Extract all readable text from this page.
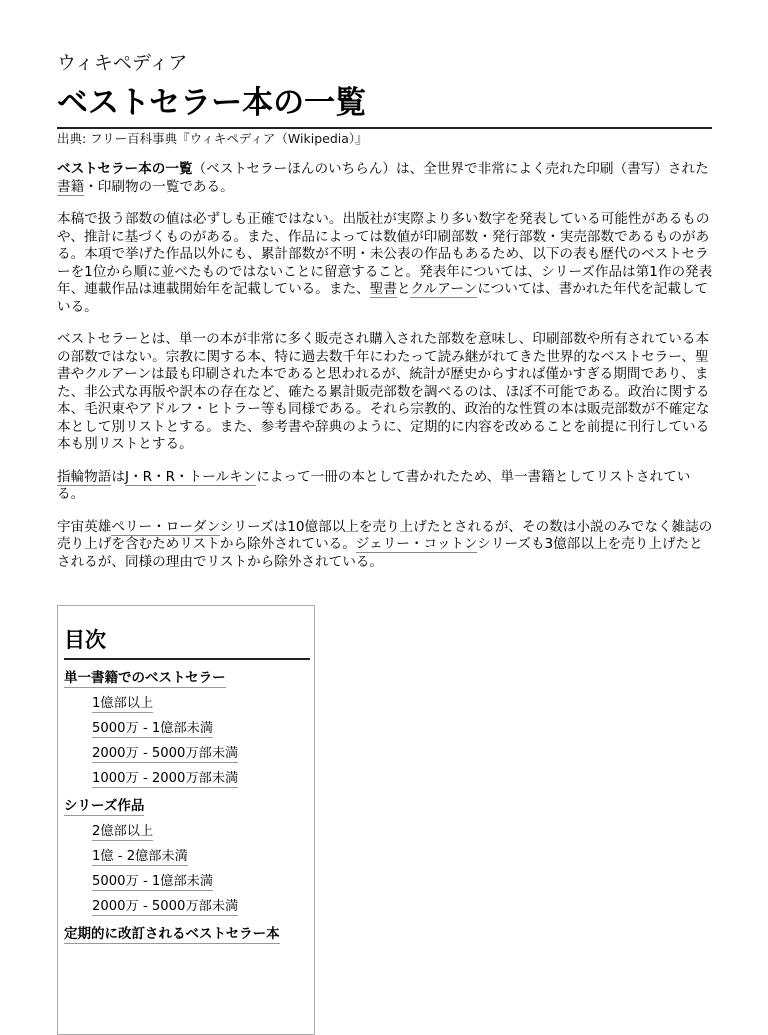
ウィキペディア
ベストセラー本の一覧
出典: フリー百科事典『ウィキペディア（Wikipedia）』

ベストセラー本の一覧（ベストセラーほんのいちらん）は、全世界で非常によく売れた印刷（書写）された書籍・印刷物の一覧である。

本稿で扱う部数の値は必ずしも正確ではない。出版社が実際より多い数字を発表している可能性があるものや、推計に基づくものがある。また、作品によっては数値が印刷部数・発行部数・実売部数であるものがある。本項で挙げた作品以外にも、累計部数が不明・未公表の作品もあるため、以下の表も歴代のベストセラーを1位から順に並べたものではないことに留意すること。発表年については、シリーズ作品は第1作の発表年、連載作品は連載開始年を記載している。また、聖書とクルアーンについては、書かれた年代を記載している。

ベストセラーとは、単一の本が非常に多く販売され購入された部数を意味し、印刷部数や所有されている本の部数ではない。宗教に関する本、特に過去数千年にわたって読み継がれてきた世界的なベストセラー、聖書やクルアーンは最も印刷された本であると思われるが、統計が歴史からすれば僅かすぎる期間であり、また、非公式な再版や訳本の存在など、確たる累計販売部数を調べるのは、ほぼ不可能である。政治に関する本、毛沢東やアドルフ・ヒトラー等も同様である。それら宗教的、政治的な性質の本は販売部数が不確定な本として別リストとする。また、参考書や辞典のように、定期的に内容を改めることを前提に刊行している本も別リストとする。

指輪物語はJ・R・R・トールキンによって一冊の本として書かれたため、単一書籍としてリストされている。

宇宙英雄ペリー・ローダンシリーズは10億部以上を売り上げたとされるが、その数は小説のみでなく雑誌の売り上げを含むためリストから除外されている。ジェリー・コットンシリーズも3億部以上を売り上げたとされるが、同様の理由でリストから除外されている。

目次
単一書籍でのベストセラー
1億部以上
5000万 - 1億部未満
2000万 - 5000万部未満
1000万 - 2000万部未満
シリーズ作品
2億部以上
1億 - 2億部未満
5000万 - 1億部未満
2000万 - 5000万部未満
定期的に改訂されるベストセラー本
